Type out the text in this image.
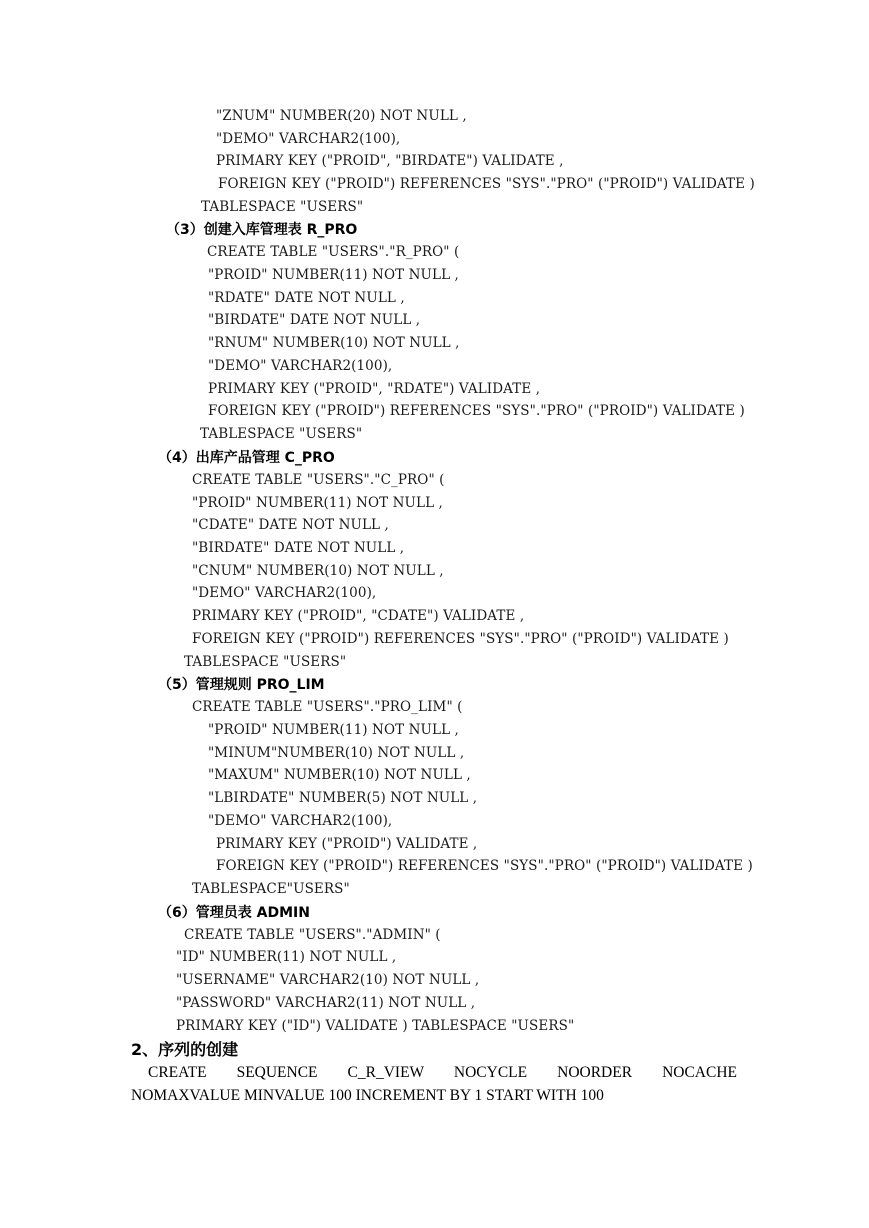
"ZNUM" NUMBER(20) NOT NULL ,
"DEMO" VARCHAR2(100),
PRIMARY KEY ("PROID", "BIRDATE") VALIDATE ,
FOREIGN KEY ("PROID") REFERENCES "SYS"."PRO" ("PROID") VALIDATE )
TABLESPACE "USERS"
（3）创建入库管理表 R_PRO
CREATE TABLE "USERS"."R_PRO" (
"PROID" NUMBER(11) NOT NULL ,
"RDATE" DATE NOT NULL ,
"BIRDATE" DATE NOT NULL ,
"RNUM" NUMBER(10) NOT NULL ,
"DEMO" VARCHAR2(100),
PRIMARY KEY ("PROID", "RDATE") VALIDATE ,
FOREIGN KEY ("PROID") REFERENCES "SYS"."PRO" ("PROID") VALIDATE )
TABLESPACE "USERS"
（4）出库产品管理 C_PRO
CREATE TABLE "USERS"."C_PRO" (
"PROID" NUMBER(11) NOT NULL ,
"CDATE" DATE NOT NULL ,
"BIRDATE" DATE NOT NULL ,
"CNUM" NUMBER(10) NOT NULL ,
"DEMO" VARCHAR2(100),
PRIMARY KEY ("PROID", "CDATE") VALIDATE ,
FOREIGN KEY ("PROID") REFERENCES "SYS"."PRO" ("PROID") VALIDATE )
TABLESPACE "USERS"
（5）管理规则 PRO_LIM
CREATE TABLE "USERS"."PRO_LIM" (
"PROID" NUMBER(11) NOT NULL ,
"MINUM"NUMBER(10) NOT NULL ,
"MAXUM" NUMBER(10) NOT NULL ,
"LBIRDATE" NUMBER(5) NOT NULL ,
"DEMO" VARCHAR2(100),
PRIMARY KEY ("PROID") VALIDATE ,
FOREIGN KEY ("PROID") REFERENCES "SYS"."PRO" ("PROID") VALIDATE )
TABLESPACE"USERS"
（6）管理员表 ADMIN
CREATE TABLE "USERS"."ADMIN" (
"ID" NUMBER(11) NOT NULL ,
"USERNAME" VARCHAR2(10) NOT NULL ,
"PASSWORD" VARCHAR2(11) NOT NULL ,
PRIMARY KEY ("ID") VALIDATE ) TABLESPACE "USERS"
2、序列的创建
CREATE SEQUENCE C_R_VIEW NOCYCLE NOORDER NOCACHE
NOMAXVALUE MINVALUE 100 INCREMENT BY 1 START WITH 100
